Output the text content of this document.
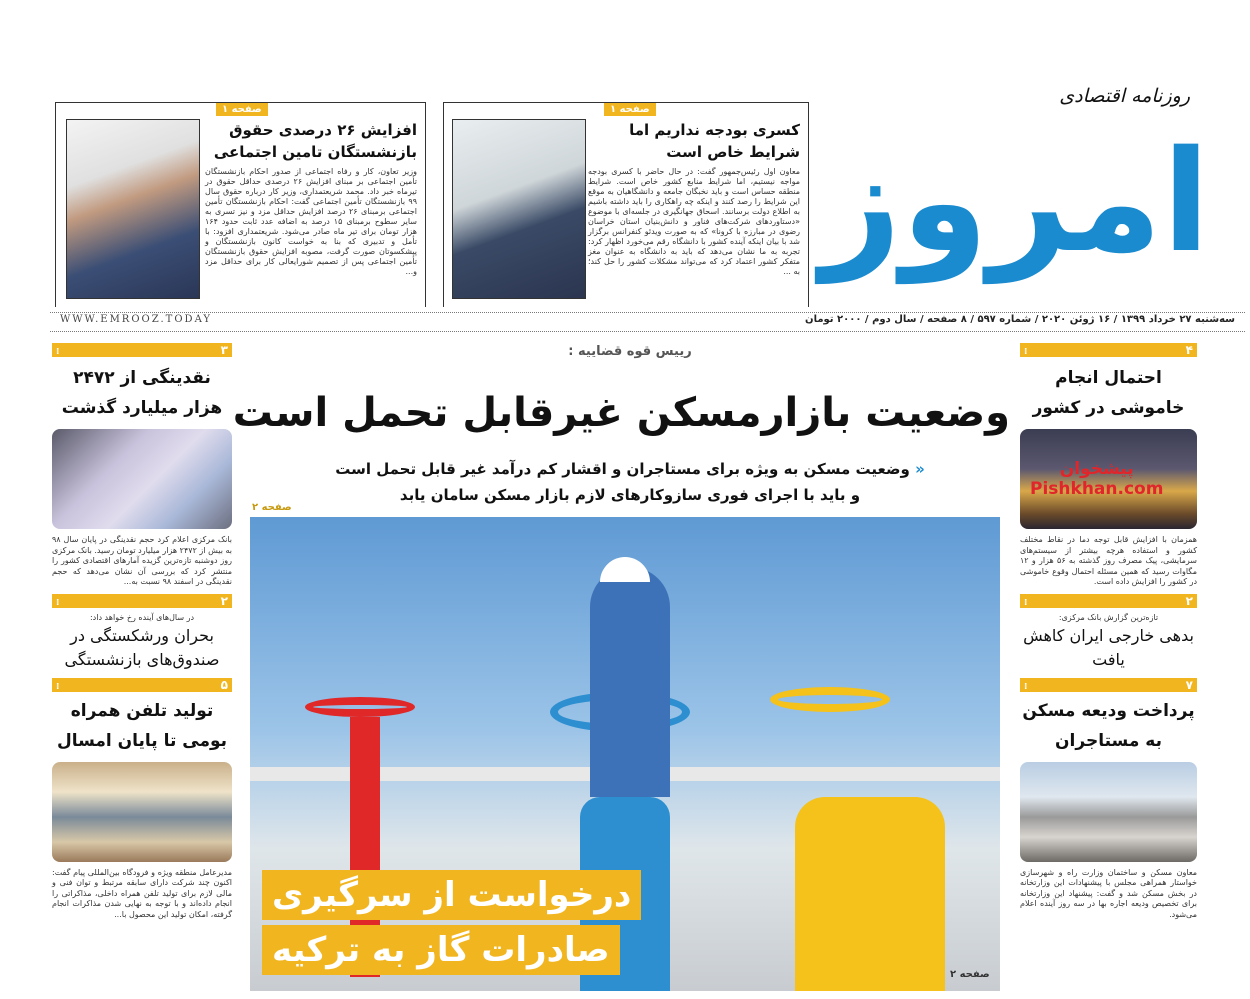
روزنامه اقتصادی
امروز
صفحه ۱
کسری بودجه نداریم اما شرایط خاص است

معاون اول رئیس‌جمهور گفت: در حال حاضر با کسری بودجه مواجه نیستیم، اما شرایط منابع کشور خاص است. شرایط منطقه حساس است و باید نخبگان جامعه و دانشگاهیان به موقع این شرایط را رصد کنند و اینکه چه راهکاری را باید داشته باشیم به اطلاع دولت برسانند. اسحاق جهانگیری در جلسه‌ای با موضوع «دستاوردهای شرکت‌های فناور و دانش‌بنیان استان خراسان رضوی در مبارزه با کرونا» که به صورت ویدئو کنفرانس برگزار شد با بیان اینکه آینده کشور با دانشگاه رقم می‌خورد اظهار کرد: تجربه به ما نشان می‌دهد که باید به دانشگاه به عنوان مغز متفکر کشور اعتماد کرد که می‌تواند مشکلات کشور را حل کند؛ به ...

صفحه ۱
افزایش ۲۶ درصدی حقوق بازنشستگان تامین اجتماعی

وزیر تعاون، کار و رفاه اجتماعی از صدور احکام بازنشستگان تأمین اجتماعی بر مبنای افزایش ۲۶ درصدی حداقل حقوق در تیرماه خبر داد. محمد شریعتمداری، وزیر کار درباره حقوق سال ۹۹ بازنشستگان تأمین اجتماعی گفت: احکام بازنشستگان تأمین اجتماعی برمبنای ۲۶ درصد افزایش حداقل مزد و نیز تسری به سایر سطوح برمبنای ۱۵ درصد به اضافه عدد ثابت حدود ۱۶۴ هزار تومان برای تیر ماه صادر می‌شود. شریعتمداری افزود: با تأمل و تدبیری که بنا به خواست کانون بازنشستگان و پیشکسوتان صورت گرفت، مصوبه افزایش حقوق بازنشستگان تأمین اجتماعی پس از تصمیم شورایعالی کار برای حداقل مزد و...

سه‌شنبه ۲۷ خرداد ۱۳۹۹ / ۱۶ ژوئن ۲۰۲۰ / شماره ۵۹۷ / ۸ صفحه / سال دوم / ۲۰۰۰ تومان
WWW.EMROOZ.TODAY
رییس قوه قضاییه :
وضعیت بازارمسکن غیرقابل تحمل است
« وضعیت مسکن به ویژه برای مستاجران و اقشار کم درآمد غیر قابل تحمل است
و باید با اجرای فوری سازوکارهای لازم بازار مسکن سامان یابد
صفحه ۲
درخواست از سرگیری
صادرات گاز به ترکیه
صفحه ۲
۳
⁞
نقدینگی از ۲۴۷۲ هزار میلیارد گذشت

بانک مرکزی اعلام کرد حجم نقدینگی در پایان سال ۹۸ به بیش از ۲۴۷۲ هزار میلیارد تومان رسید. بانک مرکزی روز دوشنبه تازه‌ترین گزیده آمارهای اقتصادی کشور را منتشر کرد که بررسی آن نشان می‌دهد که حجم نقدینگی در اسفند ۹۸ نسبت به...

۲
⁞
در سال‌های آینده رخ خواهد داد:
بحران ورشکستگی در صندوق‌های بازنشستگی
۵
⁞
تولید تلفن همراه بومی تا پایان امسال

مدیرعامل منطقه ویژه و فرودگاه بین‌المللی پیام گفت: اکنون چند شرکت دارای سابقه مرتبط و توان فنی و مالی لازم برای تولید تلفن همراه داخلی، مذاکراتی را انجام داده‌اند و با توجه به نهایی شدن مذاکرات انجام گرفته، امکان تولید این محصول با...

۴
⁞
احتمال انجام خاموشی در کشور

همزمان با افزایش قابل توجه دما در نقاط مختلف کشور و استفاده هرچه بیشتر از سیستم‌های سرمایشی، پیک مصرف روز گذشته به ۵۶ هزار و ۱۲ مگاوات رسید که همین مسئله احتمال وقوع خاموشی در کشور را افزایش داده است.

۲
⁞
تازه‌ترین گزارش بانک مرکزی:
بدهی خارجی ایران کاهش یافت
۷
⁞
پرداخت ودیعه مسکن به مستاجران

معاون مسکن و ساختمان وزارت راه و شهرسازی خواستار همراهی مجلس با پیشنهادات این وزارتخانه در بخش مسکن شد و گفت: پیشنهاد این وزارتخانه برای تخصیص ودیعه اجاره بها در سه روز آینده اعلام می‌شود.

پیشخوان
Pishkhan.com
